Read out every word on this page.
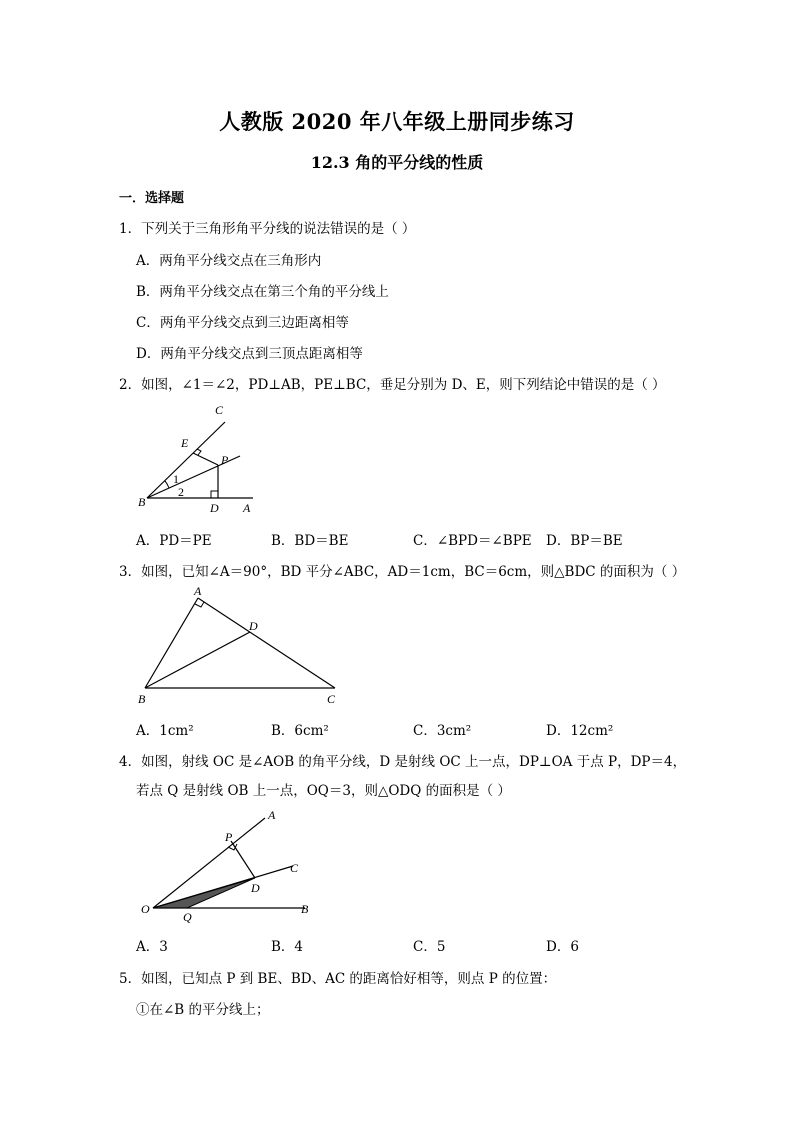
人教版 2020 年八年级上册同步练习
12.3 角的平分线的性质
一．选择题
1．下列关于三角形角平分线的说法错误的是（ ）
A．两角平分线交点在三角形内
B．两角平分线交点在第三个角的平分线上
C．两角平分线交点到三边距离相等
D．两角平分线交点到三顶点距离相等
2．如图，∠1＝∠2，PD⊥AB，PE⊥BC，垂足分别为 D、E，则下列结论中错误的是（ ）
C
E
P
B	D A
1
2
A．PD＝PE	B．BD＝BE	C．∠BPD＝∠BPE D．BP＝BE
3．如图，已知∠A＝90°，BD 平分∠ABC，AD＝1cm，BC＝6cm，则△BDC 的面积为（ ）
A
D
B	C
A．1cm²	B．6cm²	C．3cm²	D．12cm²
4．如图，射线 OC 是∠AOB 的角平分线，D 是射线 OC 上一点，DP⊥OA 于点 P，DP＝4，
若点 Q 是射线 OB 上一点，OQ＝3，则△ODQ 的面积是（ ）
A
P
C
D
O
Q
B
A．3	B．4	C．5	D．6
5．如图，已知点 P 到 BE、BD、AC 的距离恰好相等，则点 P 的位置：
①在∠B 的平分线上；
